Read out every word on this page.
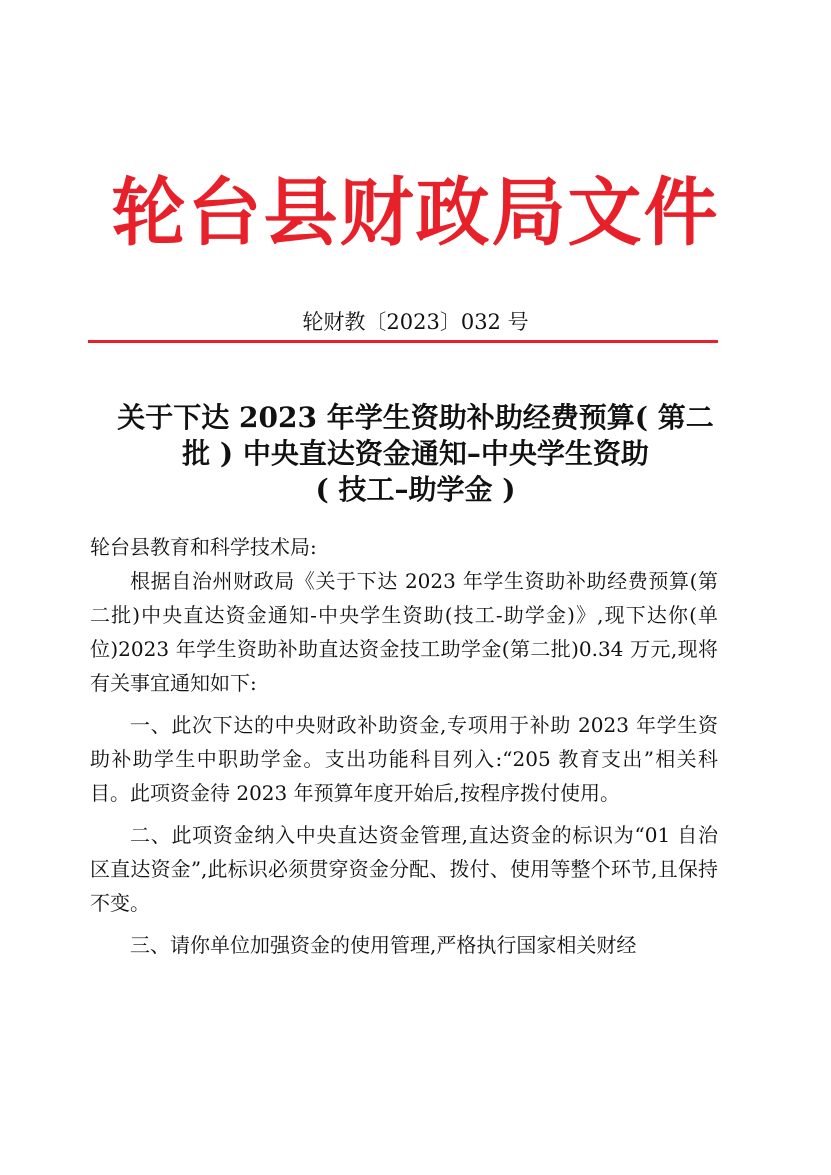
轮台县财政局文件
轮财教〔2023〕032 号
关于下达 2023 年学生资助补助经费预算( 第二
批 ) 中央直达资金通知–中央学生资助
( 技工–助学金 )

轮台县教育和科学技术局:

根据自治州财政局《关于下达 2023 年学生资助补助经费预算(第二批)中央直达资金通知-中央学生资助(技工-助学金)》,现下达你(单位)2023 年学生资助补助直达资金技工助学金(第二批)0.34 万元,现将有关事宜通知如下:

一、此次下达的中央财政补助资金,专项用于补助 2023 年学生资助补助学生中职助学金。支出功能科目列入:“205 教育支出”相关科目。此项资金待 2023 年预算年度开始后,按程序拨付使用。

二、此项资金纳入中央直达资金管理,直达资金的标识为“01 自治区直达资金”,此标识必须贯穿资金分配、拨付、使用等整个环节,且保持不变。

三、请你单位加强资金的使用管理,严格执行国家相关财经
